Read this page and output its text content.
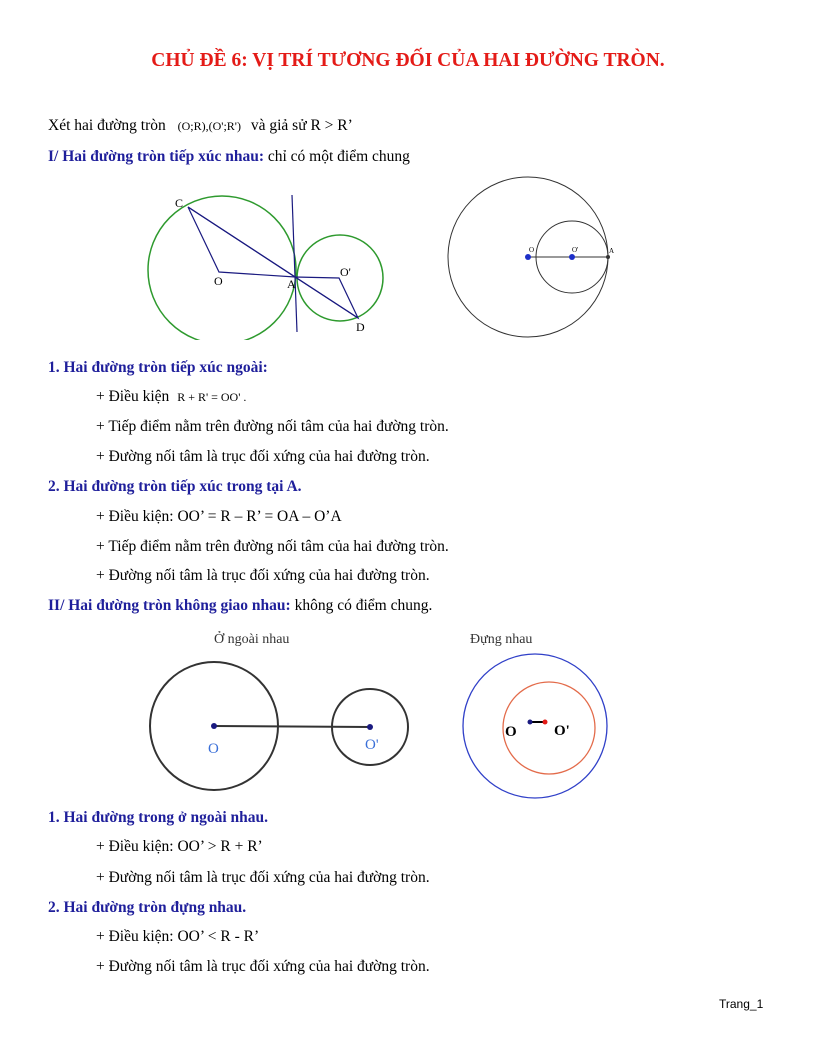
CHỦ ĐỀ 6: VỊ TRÍ TƯƠNG ĐỐI CỦA HAI ĐƯỜNG TRÒN.
Xét hai đường tròn (O;R),(O';R') và giả sử R > R’
I/ Hai đường tròn tiếp xúc nhau: chỉ có một điểm chung
C
O	A
O'
D
O	O'	A
1. Hai đường tròn tiếp xúc ngoài:
+ Điều kiện R + R' = OO' .
+ Tiếp điểm nằm trên đường nối tâm của hai đường tròn.
+ Đường nối tâm là trục đối xứng của hai đường tròn.
2. Hai đường tròn tiếp xúc trong tại A.
+ Điều kiện: OO’ = R – R’ = OA – O’A
+ Tiếp điểm nằm trên đường nối tâm của hai đường tròn.
+ Đường nối tâm là trục đối xứng của hai đường tròn.
II/ Hai đường tròn không giao nhau: không có điểm chung.
Ở ngoài nhau
O	O'
Đựng nhau
O O'
1. Hai đường trong ở ngoài nhau.
+ Điều kiện: OO’ > R + R’
+ Đường nối tâm là trục đối xứng của hai đường tròn.
2. Hai đường tròn đựng nhau.
+ Điều kiện: OO’ < R - R’
+ Đường nối tâm là trục đối xứng của hai đường tròn.
Trang_1
